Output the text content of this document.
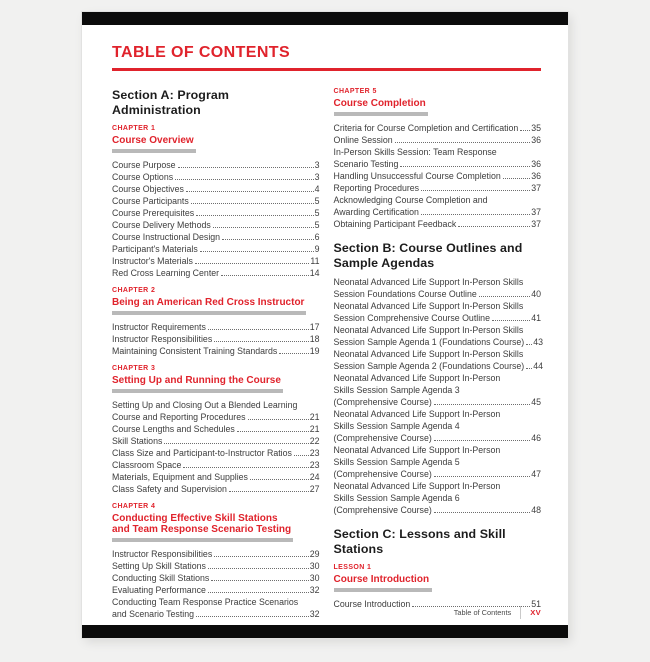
TABLE OF CONTENTS
Section A: Program Administration
CHAPTER 1
Course Overview
Course Purpose	3
Course Options	3
Course Objectives	4
Course Participants	5
Course Prerequisites	5
Course Delivery Methods	5
Course Instructional Design	6
Participant's Materials	9
Instructor's Materials	11
Red Cross Learning Center	14
CHAPTER 2
Being an American Red Cross Instructor
Instructor Requirements	17
Instructor Responsibilities	18
Maintaining Consistent Training Standards	19
CHAPTER 3
Setting Up and Running the Course
Setting Up and Closing Out a Blended Learning
Course and Reporting Procedures	21
Course Lengths and Schedules	21
Skill Stations	22
Class Size and Participant-to-Instructor Ratios 23
Classroom Space	23
Materials, Equipment and Supplies	24
Class Safety and Supervision	27
CHAPTER 4
Conducting Effective Skill Stations
and Team Response Scenario Testing
Instructor Responsibilities	29
Setting Up Skill Stations	30
Conducting Skill Stations	30
Evaluating Performance	32
Conducting Team Response Practice Scenarios
and Scenario Testing	32
CHAPTER 5
Course Completion
Criteria for Course Completion and Certification 35
Online Session	36
In-Person Skills Session: Team Response
Scenario Testing	36
Handling Unsuccessful Course Completion	36
Reporting Procedures	37
Acknowledging Course Completion and
Awarding Certification	37
Obtaining Participant Feedback	37
Section B: Course Outlines and
Sample Agendas
Neonatal Advanced Life Support In-Person Skills
Session Foundations Course Outline	40
Neonatal Advanced Life Support In-Person Skills
Session Comprehensive Course Outline	41
Neonatal Advanced Life Support In-Person Skills
Session Sample Agenda 1 (Foundations Course) 43
Neonatal Advanced Life Support In-Person Skills
Session Sample Agenda 2 (Foundations Course) 44
Neonatal Advanced Life Support In-Person
Skills Session Sample Agenda 3
(Comprehensive Course)	45
Neonatal Advanced Life Support In-Person
Skills Session Sample Agenda 4
(Comprehensive Course)	46
Neonatal Advanced Life Support In-Person
Skills Session Sample Agenda 5
(Comprehensive Course)	47
Neonatal Advanced Life Support In-Person
Skills Session Sample Agenda 6
(Comprehensive Course)	48
Section C: Lessons and Skill Stations
LESSON 1
Course Introduction
Course Introduction	51
Table of Contents	XV
